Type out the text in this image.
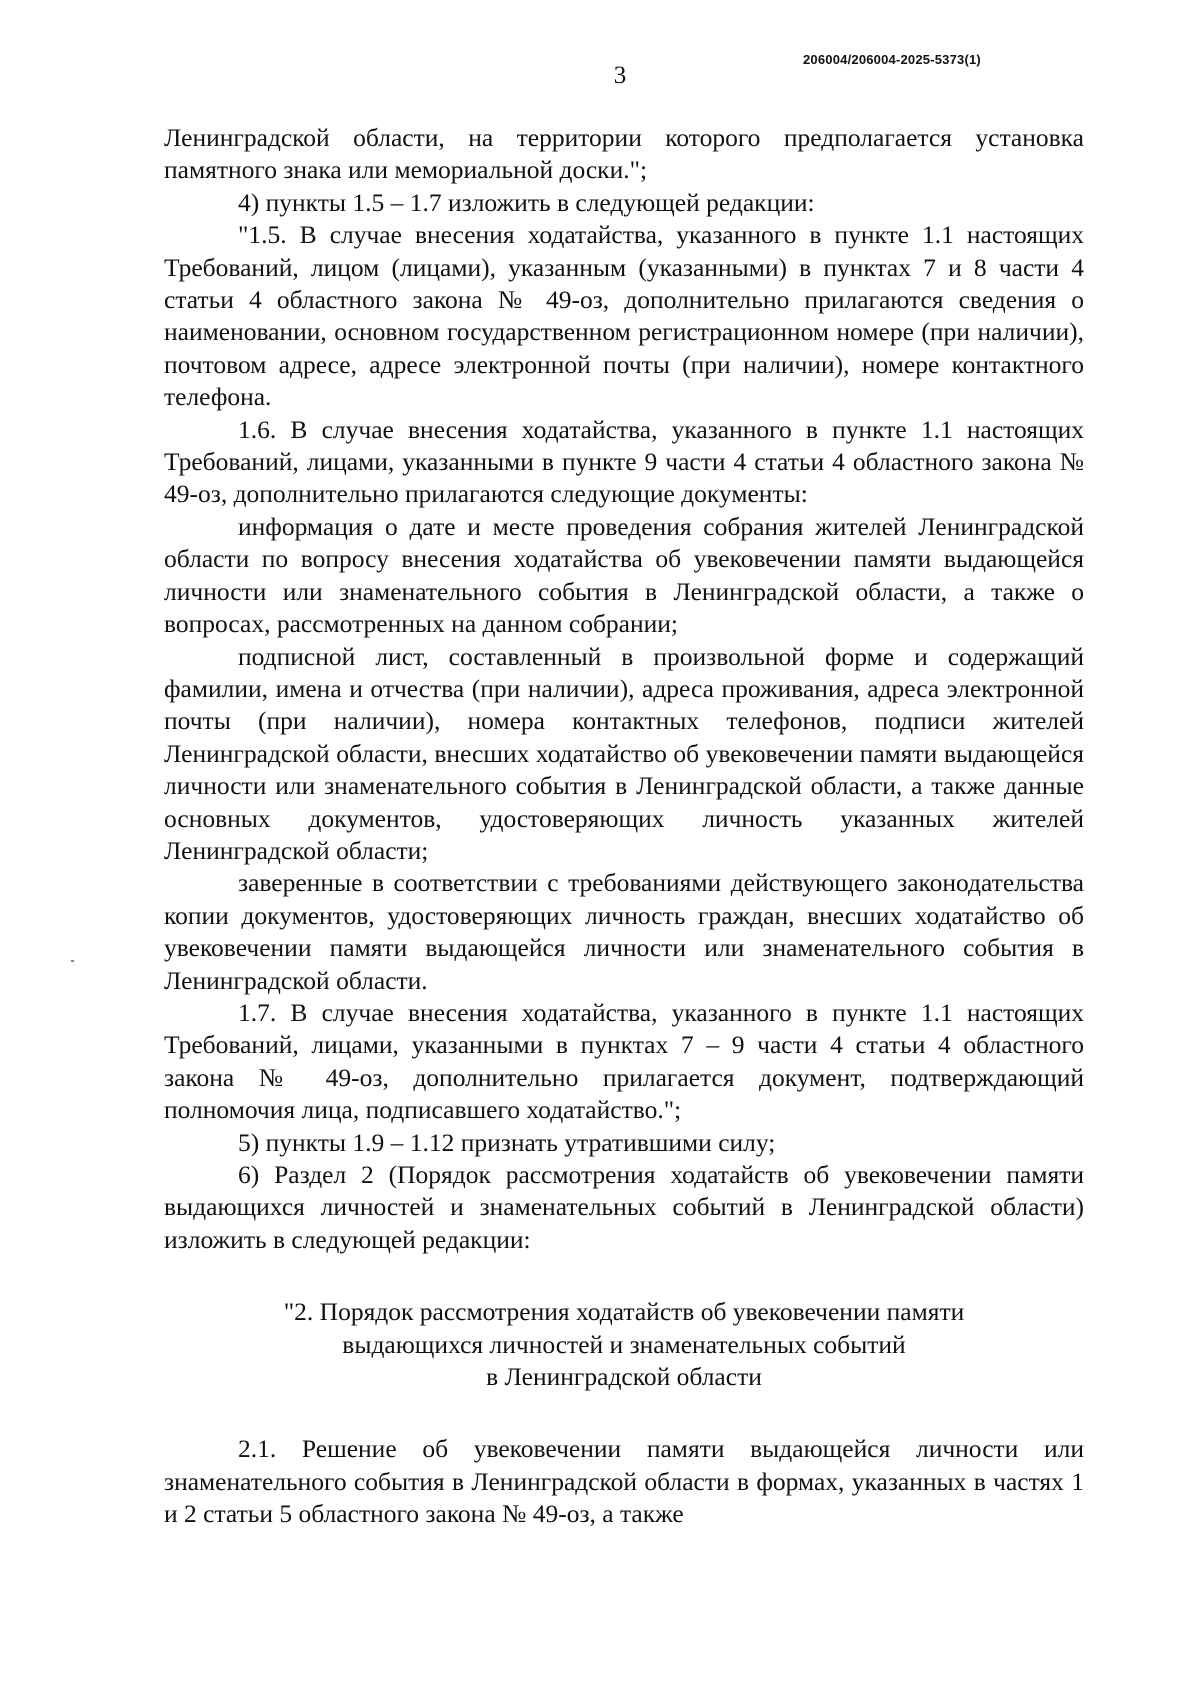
3
206004/206004-2025-5373(1)

Ленинградской области, на территории которого предполагается установка памятного знака или мемориальной доски.";

4) пункты 1.5 – 1.7 изложить в следующей редакции:

"1.5. В случае внесения ходатайства, указанного в пункте 1.1 настоящих Требований, лицом (лицами), указанным (указанными) в пунктах 7 и 8 части 4 статьи 4 областного закона № 49-оз, дополнительно прилагаются сведения о наименовании, основном государственном регистрационном номере (при наличии), почтовом адресе, адресе электронной почты (при наличии), номере контактного телефона.

1.6. В случае внесения ходатайства, указанного в пункте 1.1 настоящих Требований, лицами, указанными в пункте 9 части 4 статьи 4 областного закона № 49-оз, дополнительно прилагаются следующие документы:

информация о дате и месте проведения собрания жителей Ленинградской области по вопросу внесения ходатайства об увековечении памяти выдающейся личности или знаменательного события в Ленинградской области, а также о вопросах, рассмотренных на данном собрании;

подписной лист, составленный в произвольной форме и содержащий фамилии, имена и отчества (при наличии), адреса проживания, адреса электронной почты (при наличии), номера контактных телефонов, подписи жителей Ленинградской области, внесших ходатайство об увековечении памяти выдающейся личности или знаменательного события в Ленинградской области, а также данные основных документов, удостоверяющих личность указанных жителей Ленинградской области;

заверенные в соответствии с требованиями действующего законодательства копии документов, удостоверяющих личность граждан, внесших ходатайство об увековечении памяти выдающейся личности или знаменательного события в Ленинградской области.

1.7. В случае внесения ходатайства, указанного в пункте 1.1 настоящих Требований, лицами, указанными в пунктах 7 – 9 части 4 статьи 4 областного закона № 49-оз, дополнительно прилагается документ, подтверждающий полномочия лица, подписавшего ходатайство.";

5) пункты 1.9 – 1.12 признать утратившими силу;

6) Раздел 2 (Порядок рассмотрения ходатайств об увековечении памяти выдающихся личностей и знаменательных событий в Ленинградской области) изложить в следующей редакции:

"2. Порядок рассмотрения ходатайств об увековечении памяти
выдающихся личностей и знаменательных событий
в Ленинградской области

2.1. Решение об увековечении памяти выдающейся личности или знаменательного события в Ленинградской области в формах, указанных в частях 1 и 2 статьи 5 областного закона № 49-оз, а также
